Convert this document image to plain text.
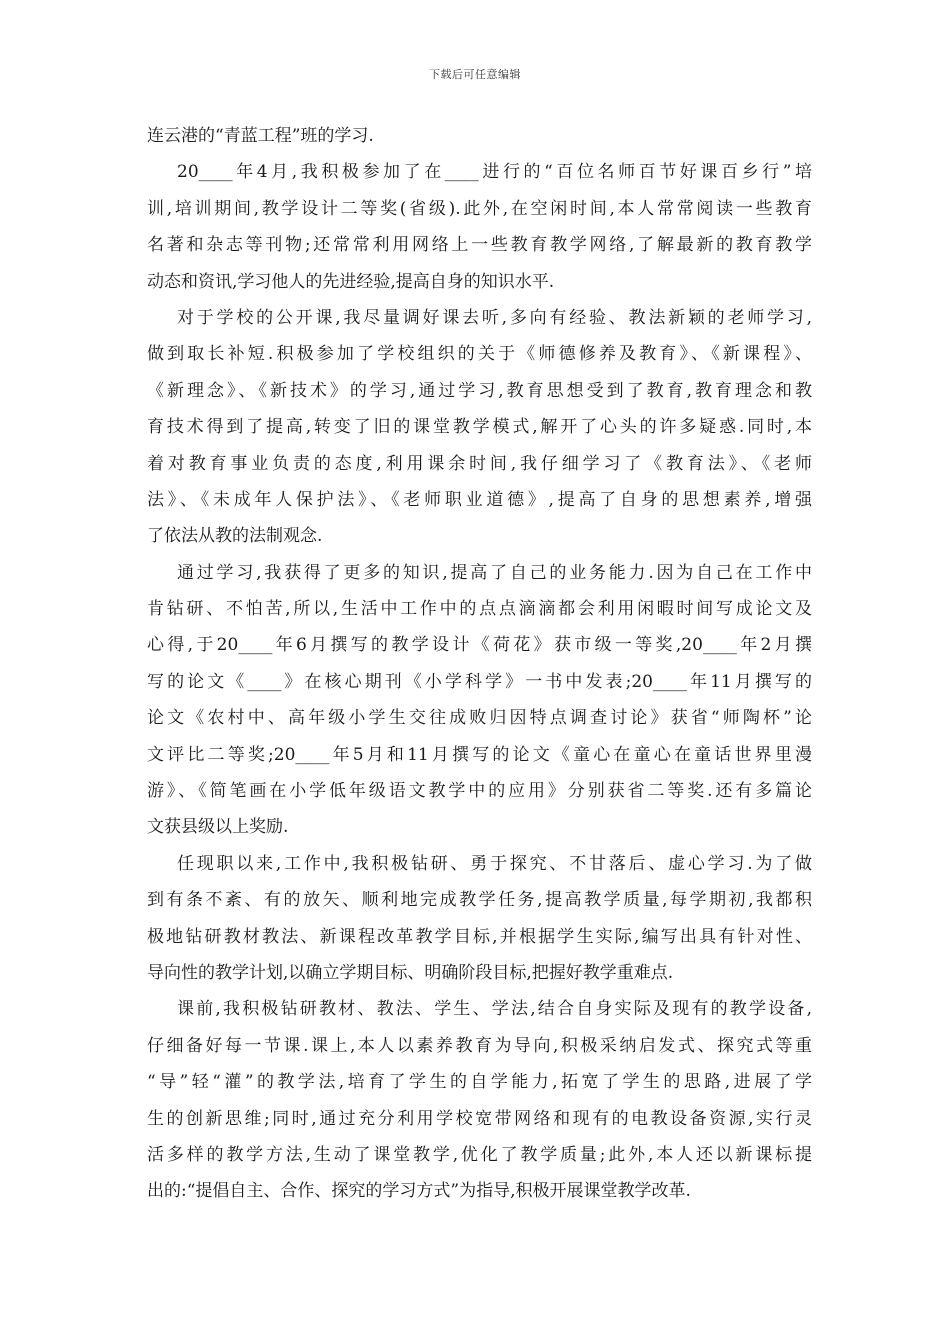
下载后可任意编辑
连云港的“青蓝工程”班的学习.
20____年4月,我积极参加了在____进行的“百位名师百节好课百乡行”培
训,培训期间,教学设计二等奖(省级).此外,在空闲时间,本人常常阅读一些教育
名著和杂志等刊物;还常常利用网络上一些教育教学网络,了解最新的教育教学
动态和资讯,学习他人的先进经验,提高自身的知识水平.
对于学校的公开课,我尽量调好课去听,多向有经验、教法新颖的老师学习,
做到取长补短.积极参加了学校组织的关于《师德修养及教育》、《新课程》、
《新理念》、《新技术》的学习,通过学习,教育思想受到了教育,教育理念和教
育技术得到了提高,转变了旧的课堂教学模式,解开了心头的许多疑惑.同时,本
着对教育事业负责的态度,利用课余时间,我仔细学习了《教育法》、《老师
法》、《未成年人保护法》、《老师职业道德》,提高了自身的思想素养,增强
了依法从教的法制观念.
通过学习,我获得了更多的知识,提高了自己的业务能力.因为自己在工作中
肯钻研、不怕苦,所以,生活中工作中的点点滴滴都会利用闲暇时间写成论文及
心得,于20____年6月撰写的教学设计《荷花》获市级一等奖,20____年2月撰
写的论文《____》在核心期刊《小学科学》一书中发表;20____年11月撰写的
论文《农村中、高年级小学生交往成败归因特点调查讨论》获省“师陶杯”论
文评比二等奖;20____年5月和11月撰写的论文《童心在童心在童话世界里漫
游》、《简笔画在小学低年级语文教学中的应用》分别获省二等奖.还有多篇论
文获县级以上奖励.
任现职以来,工作中,我积极钻研、勇于探究、不甘落后、虚心学习.为了做
到有条不紊、有的放矢、顺利地完成教学任务,提高教学质量,每学期初,我都积
极地钻研教材教法、新课程改革教学目标,并根据学生实际,编写出具有针对性、
导向性的教学计划,以确立学期目标、明确阶段目标,把握好教学重难点.
课前,我积极钻研教材、教法、学生、学法,结合自身实际及现有的教学设备,
仔细备好每一节课.课上,本人以素养教育为导向,积极采纳启发式、探究式等重
“导”轻“灌”的教学法,培育了学生的自学能力,拓宽了学生的思路,进展了学
生的创新思维;同时,通过充分利用学校宽带网络和现有的电教设备资源,实行灵
活多样的教学方法,生动了课堂教学,优化了教学质量;此外,本人还以新课标提
出的:“提倡自主、合作、探究的学习方式”为指导,积极开展课堂教学改革.
